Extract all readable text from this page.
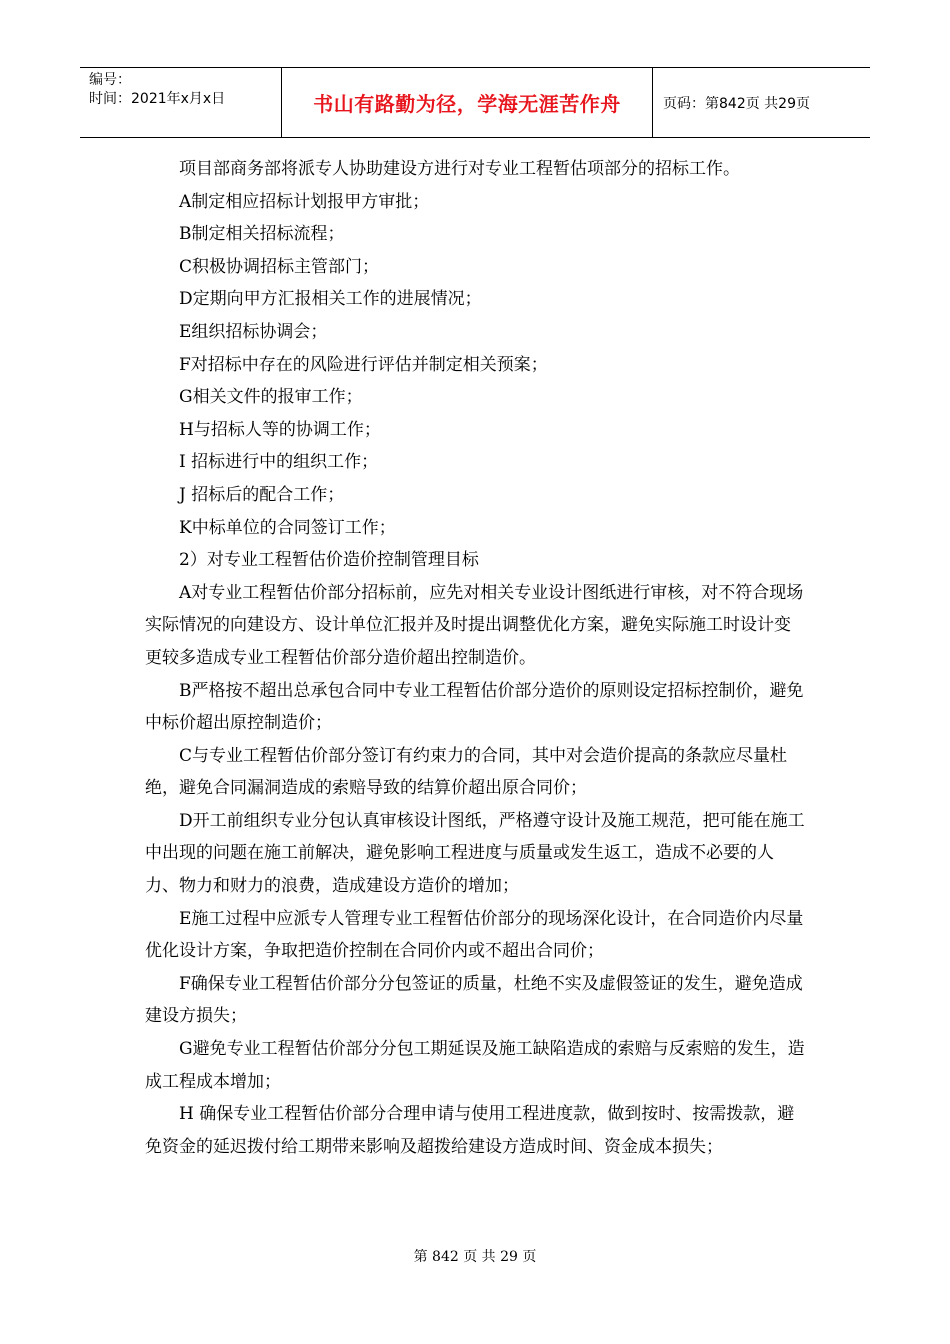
编号：
时间：2021年x月x日	书山有路勤为径，学海无涯苦作舟	页码：第842页 共29页

项目部商务部将派专人协助建设方进行对专业工程暂估项部分的招标工作。

A制定相应招标计划报甲方审批；

B制定相关招标流程；

C积极协调招标主管部门；

D定期向甲方汇报相关工作的进展情况；

E组织招标协调会；

F对招标中存在的风险进行评估并制定相关预案；

G相关文件的报审工作；

H与招标人等的协调工作；

I 招标进行中的组织工作；

J 招标后的配合工作；

K中标单位的合同签订工作；

2）对专业工程暂估价造价控制管理目标

A对专业工程暂估价部分招标前，应先对相关专业设计图纸进行审核，对不符合现场实际情况的向建设方、设计单位汇报并及时提出调整优化方案，避免实际施工时设计变更较多造成专业工程暂估价部分造价超出控制造价。

B严格按不超出总承包合同中专业工程暂估价部分造价的原则设定招标控制价，避免中标价超出原控制造价；

C与专业工程暂估价部分签订有约束力的合同，其中对会造价提高的条款应尽量杜绝，避免合同漏洞造成的索赔导致的结算价超出原合同价；

D开工前组织专业分包认真审核设计图纸，严格遵守设计及施工规范，把可能在施工中出现的问题在施工前解决，避免影响工程进度与质量或发生返工，造成不必要的人力、物力和财力的浪费，造成建设方造价的增加；

E施工过程中应派专人管理专业工程暂估价部分的现场深化设计，在合同造价内尽量优化设计方案，争取把造价控制在合同价内或不超出合同价；

F确保专业工程暂估价部分分包签证的质量，杜绝不实及虚假签证的发生，避免造成建设方损失；

G避免专业工程暂估价部分分包工期延误及施工缺陷造成的索赔与反索赔的发生，造成工程成本增加；

H 确保专业工程暂估价部分合理申请与使用工程进度款，做到按时、按需拨款，避免资金的延迟拨付给工期带来影响及超拨给建设方造成时间、资金成本损失；

第 842 页 共 29 页
